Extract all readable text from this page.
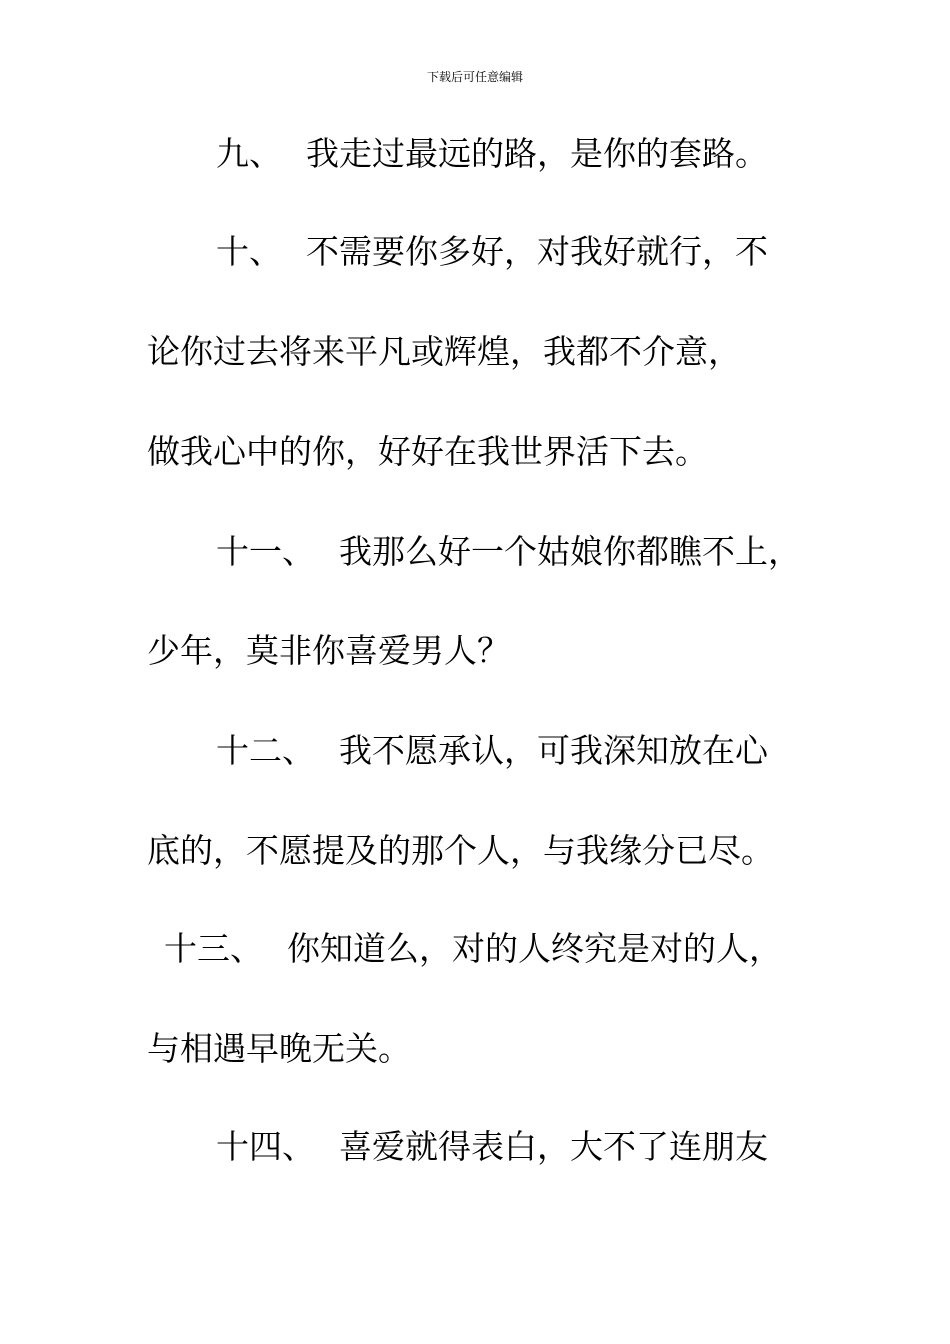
下载后可任意编辑
九、 我走过最远的路，是你的套路。
十、 不需要你多好，对我好就行，不
论你过去将来平凡或辉煌，我都不介意，
做我心中的你，好好在我世界活下去。
十一、 我那么好一个姑娘你都瞧不上，
少年，莫非你喜爱男人？
十二、 我不愿承认，可我深知放在心
底的，不愿提及的那个人，与我缘分已尽。
十三、 你知道么，对的人终究是对的人，
与相遇早晚无关。
十四、 喜爱就得表白，大不了连朋友
